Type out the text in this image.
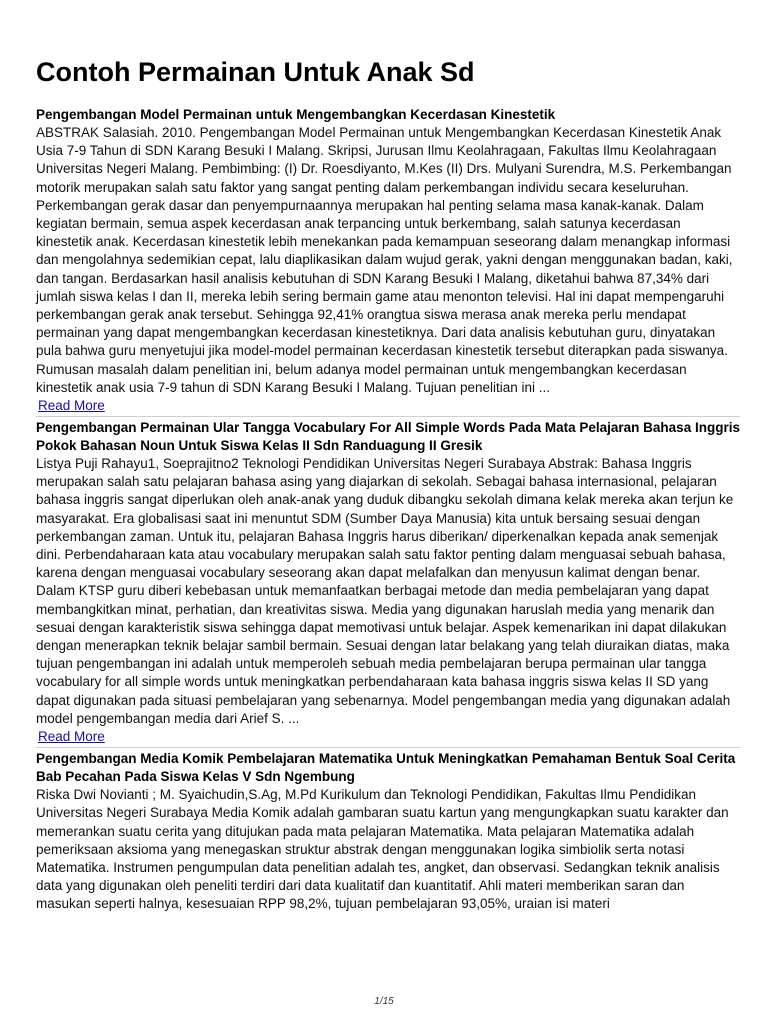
Contoh Permainan Untuk Anak Sd

Pengembangan Model Permainan untuk Mengembangkan Kecerdasan Kinestetik

ABSTRAK Salasiah. 2010. Pengembangan Model Permainan untuk Mengembangkan Kecerdasan Kinestetik Anak Usia 7-9 Tahun di SDN Karang Besuki I Malang. Skripsi, Jurusan Ilmu Keolahragaan, Fakultas Ilmu Keolahragaan Universitas Negeri Malang. Pembimbing: (I) Dr. Roesdiyanto, M.Kes (II) Drs. Mulyani Surendra, M.S. Perkembangan motorik merupakan salah satu faktor yang sangat penting dalam perkembangan individu secara keseluruhan. Perkembangan gerak dasar dan penyempurnaannya merupakan hal penting selama masa kanak-kanak. Dalam kegiatan bermain, semua aspek kecerdasan anak terpancing untuk berkembang, salah satunya kecerdasan kinestetik anak. Kecerdasan kinestetik lebih menekankan pada kemampuan seseorang dalam menangkap informasi dan mengolahnya sedemikian cepat, lalu diaplikasikan dalam wujud gerak, yakni dengan menggunakan badan, kaki, dan tangan. Berdasarkan hasil analisis kebutuhan di SDN Karang Besuki I Malang, diketahui bahwa 87,34% dari jumlah siswa kelas I dan II, mereka lebih sering bermain game atau menonton televisi. Hal ini dapat mempengaruhi perkembangan gerak anak tersebut. Sehingga 92,41% orangtua siswa merasa anak mereka perlu mendapat permainan yang dapat mengembangkan kecerdasan kinestetiknya. Dari data analisis kebutuhan guru, dinyatakan pula bahwa guru menyetujui jika model-model permainan kecerdasan kinestetik tersebut diterapkan pada siswanya. Rumusan masalah dalam penelitian ini, belum adanya model permainan untuk mengembangkan kecerdasan kinestetik anak usia 7-9 tahun di SDN Karang Besuki I Malang. Tujuan penelitian ini ...

Read More

Pengembangan Permainan Ular Tangga Vocabulary For All Simple Words Pada Mata Pelajaran Bahasa Inggris Pokok Bahasan Noun Untuk Siswa Kelas II Sdn Randuagung II Gresik

Listya Puji Rahayu1, Soeprajitno2 Teknologi Pendidikan Universitas Negeri Surabaya Abstrak: Bahasa Inggris merupakan salah satu pelajaran bahasa asing yang diajarkan di sekolah. Sebagai bahasa internasional, pelajaran bahasa inggris sangat diperlukan oleh anak-anak yang duduk dibangku sekolah dimana kelak mereka akan terjun ke masyarakat. Era globalisasi saat ini menuntut SDM (Sumber Daya Manusia) kita untuk bersaing sesuai dengan perkembangan zaman. Untuk itu, pelajaran Bahasa Inggris harus diberikan/ diperkenalkan kepada anak semenjak dini. Perbendaharaan kata atau vocabulary merupakan salah satu faktor penting dalam menguasai sebuah bahasa, karena dengan menguasai vocabulary seseorang akan dapat melafalkan dan menyusun kalimat dengan benar. Dalam KTSP guru diberi kebebasan untuk memanfaatkan berbagai metode dan media pembelajaran yang dapat membangkitkan minat, perhatian, dan kreativitas siswa. Media yang digunakan haruslah media yang menarik dan sesuai dengan karakteristik siswa sehingga dapat memotivasi untuk belajar. Aspek kemenarikan ini dapat dilakukan dengan menerapkan teknik belajar sambil bermain. Sesuai dengan latar belakang yang telah diuraikan diatas, maka tujuan pengembangan ini adalah untuk memperoleh sebuah media pembelajaran berupa permainan ular tangga vocabulary for all simple words untuk meningkatkan perbendaharaan kata bahasa inggris siswa kelas II SD yang dapat digunakan pada situasi pembelajaran yang sebenarnya. Model pengembangan media yang digunakan adalah model pengembangan media dari Arief S. ...

Read More

Pengembangan Media Komik Pembelajaran Matematika Untuk Meningkatkan Pemahaman Bentuk Soal Cerita Bab Pecahan Pada Siswa Kelas V Sdn Ngembung

Riska Dwi Novianti ; M. Syaichudin,S.Ag, M.Pd Kurikulum dan Teknologi Pendidikan, Fakultas Ilmu Pendidikan Universitas Negeri Surabaya Media Komik adalah gambaran suatu kartun yang mengungkapkan suatu karakter dan memerankan suatu cerita yang ditujukan pada mata pelajaran Matematika. Mata pelajaran Matematika adalah pemeriksaan aksioma yang menegaskan struktur abstrak dengan menggunakan logika simbiolik serta notasi Matematika. Instrumen pengumpulan data penelitian adalah tes, angket, dan observasi. Sedangkan teknik analisis data yang digunakan oleh peneliti terdiri dari data kualitatif dan kuantitatif. Ahli materi memberikan saran dan masukan seperti halnya, kesesuaian RPP 98,2%, tujuan pembelajaran 93,05%, uraian isi materi

1/15
